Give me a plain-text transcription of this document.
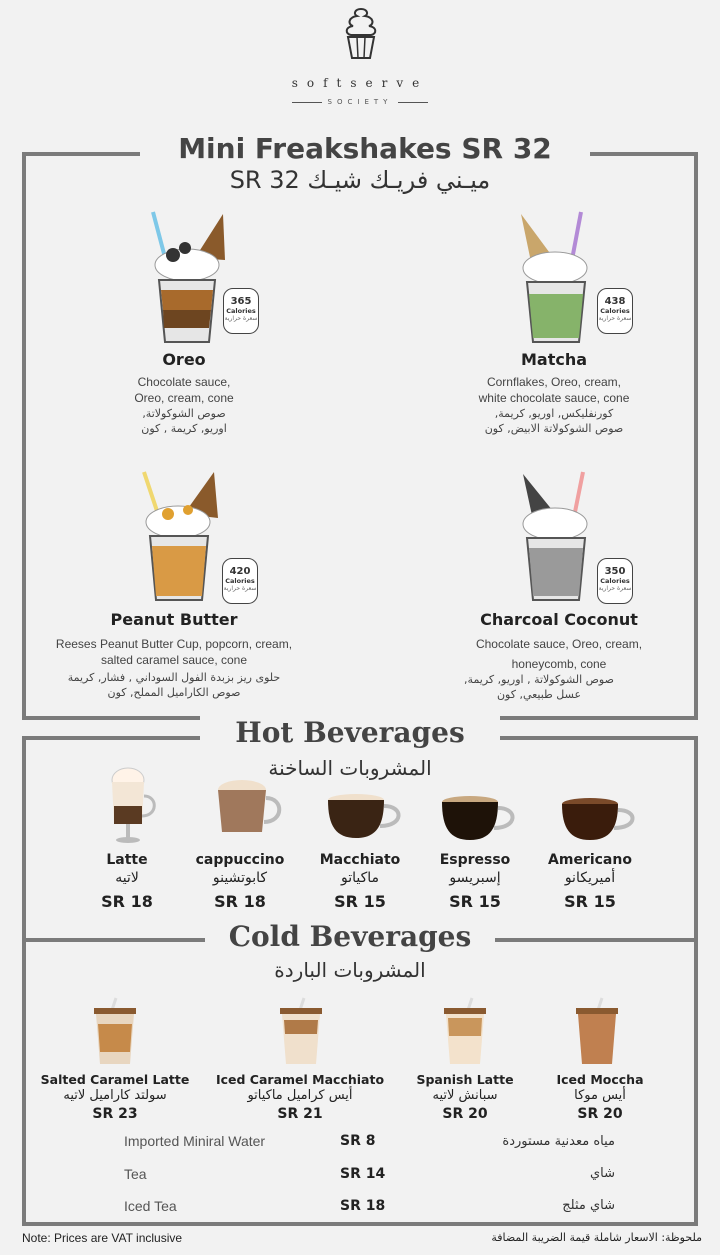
softserve
SOCIETY
Mini Freakshakes SR 32
ميـني فريـك شيـك SR 32
365
Calories
سعرة حرارية
438
Calories
سعرة حرارية
420
Calories
سعرة حرارية
350
Calories
سعرة حرارية
Oreo
Chocolate sauce,
Oreo, cream, cone
صوص الشوكولاتة,
اوريو, كريمة , كون
Matcha
Cornflakes, Oreo, cream,
white chocolate sauce, cone
كورنفليكس, اوريو, كريمة,
صوص الشوكولاتة الابيض, كون
Peanut Butter
Reeses Peanut Butter Cup, popcorn, cream,
salted caramel sauce, cone
حلوى ريز بزبدة الفول السوداني , فشار, كريمة
صوص الكاراميل المملح, كون
Charcoal Coconut
Chocolate sauce, Oreo, cream,
honeycomb, cone
صوص الشوكولاتة , اوريو, كريمة,
عسل طبيعي, كون
Hot Beverages
المشروبات الساخنة
Latte
لاتيه
SR 18
cappuccino
كابوتشينو
SR 18
Macchiato
ماكياتو
SR 15
Espresso
إسبريسو
SR 15
Americano
أميريكانو
SR 15
Cold Beverages
المشروبات الباردة
Salted Caramel Latte
سولتد كاراميل لاتيه
SR 23
Iced Caramel Macchiato
أيس كراميل ماكياتو
SR 21
Spanish Latte
سبانش لاتيه
SR 20
Iced Moccha
أيس موكا
SR 20
Imported Miniral Water	SR 8	مياه معدنية مستوردة
Tea	SR 14	شاي
Iced Tea	SR 18	شاي مثلج
Note: Prices are VAT inclusive	ملحوظة: الاسعار شاملة قيمة الضريبة المضافة
